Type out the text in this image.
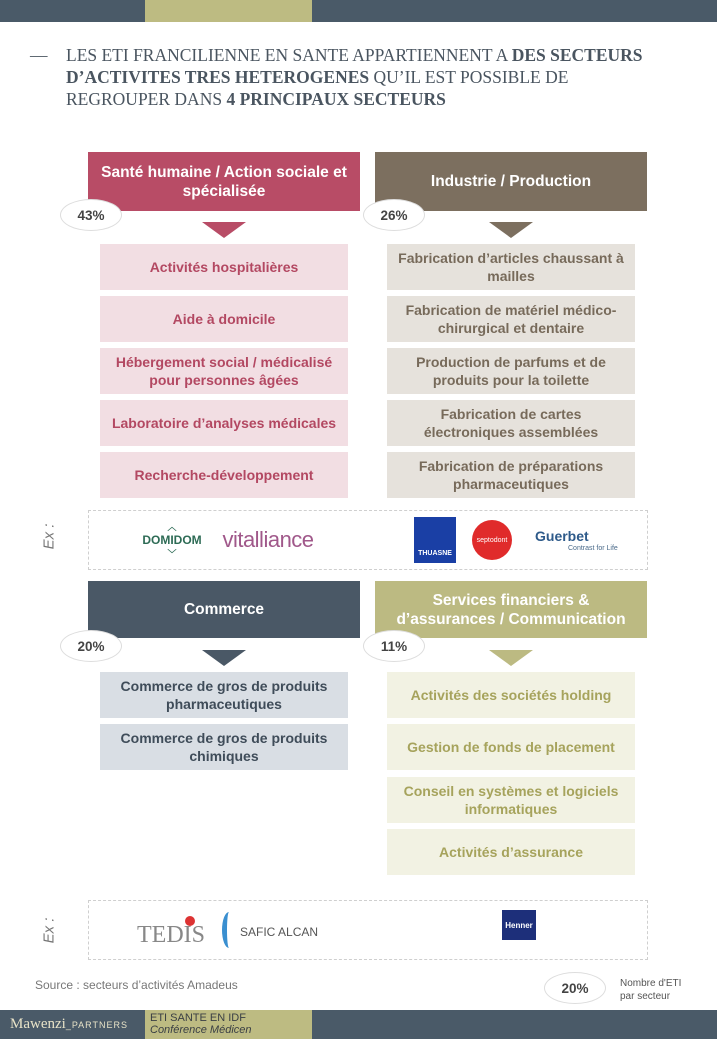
— LES ETI FRANCILIENNE EN SANTE APPARTIENNENT A DES SECTEURS
D’ACTIVITES TRES HETEROGENES QU’IL EST POSSIBLE DE
REGROUPER DANS 4 PRINCIPAUX SECTEURS
Santé humaine / Action sociale et spécialisée
43%
Activités hospitalières
Aide à domicile
Hébergement social / médicalisé pour personnes âgées
Laboratoire d’analyses médicales
Recherche-développement
Industrie / Production
26%
Fabrication d’articles chaussant à mailles
Fabrication de matériel médico-chirurgical et dentaire
Production de parfums et de produits pour la toilette
Fabrication de cartes électroniques assemblées
Fabrication de préparations pharmaceutiques
Ex :	︿
DOMIDOM
﹀
vitalliance
THUASNE
septodont	Guerbet
Contrast for Life
Commerce
20%
Commerce de gros de produits pharmaceutiques
Commerce de gros de produits chimiques
Services financiers & d’assurances / Communication
11%
Activités des sociétés holding
Gestion de fonds de placement
Conseil en systèmes et logiciels informatiques
Activités d’assurance
Ex :	TEDIS	SAFIC ALCAN	Henner
Source : secteurs d’activités Amadeus	20%	Nombre d'ETI
par secteur
Mawenzi_PARTNERS
ETI SANTE EN IDF
Conférence Médicen
